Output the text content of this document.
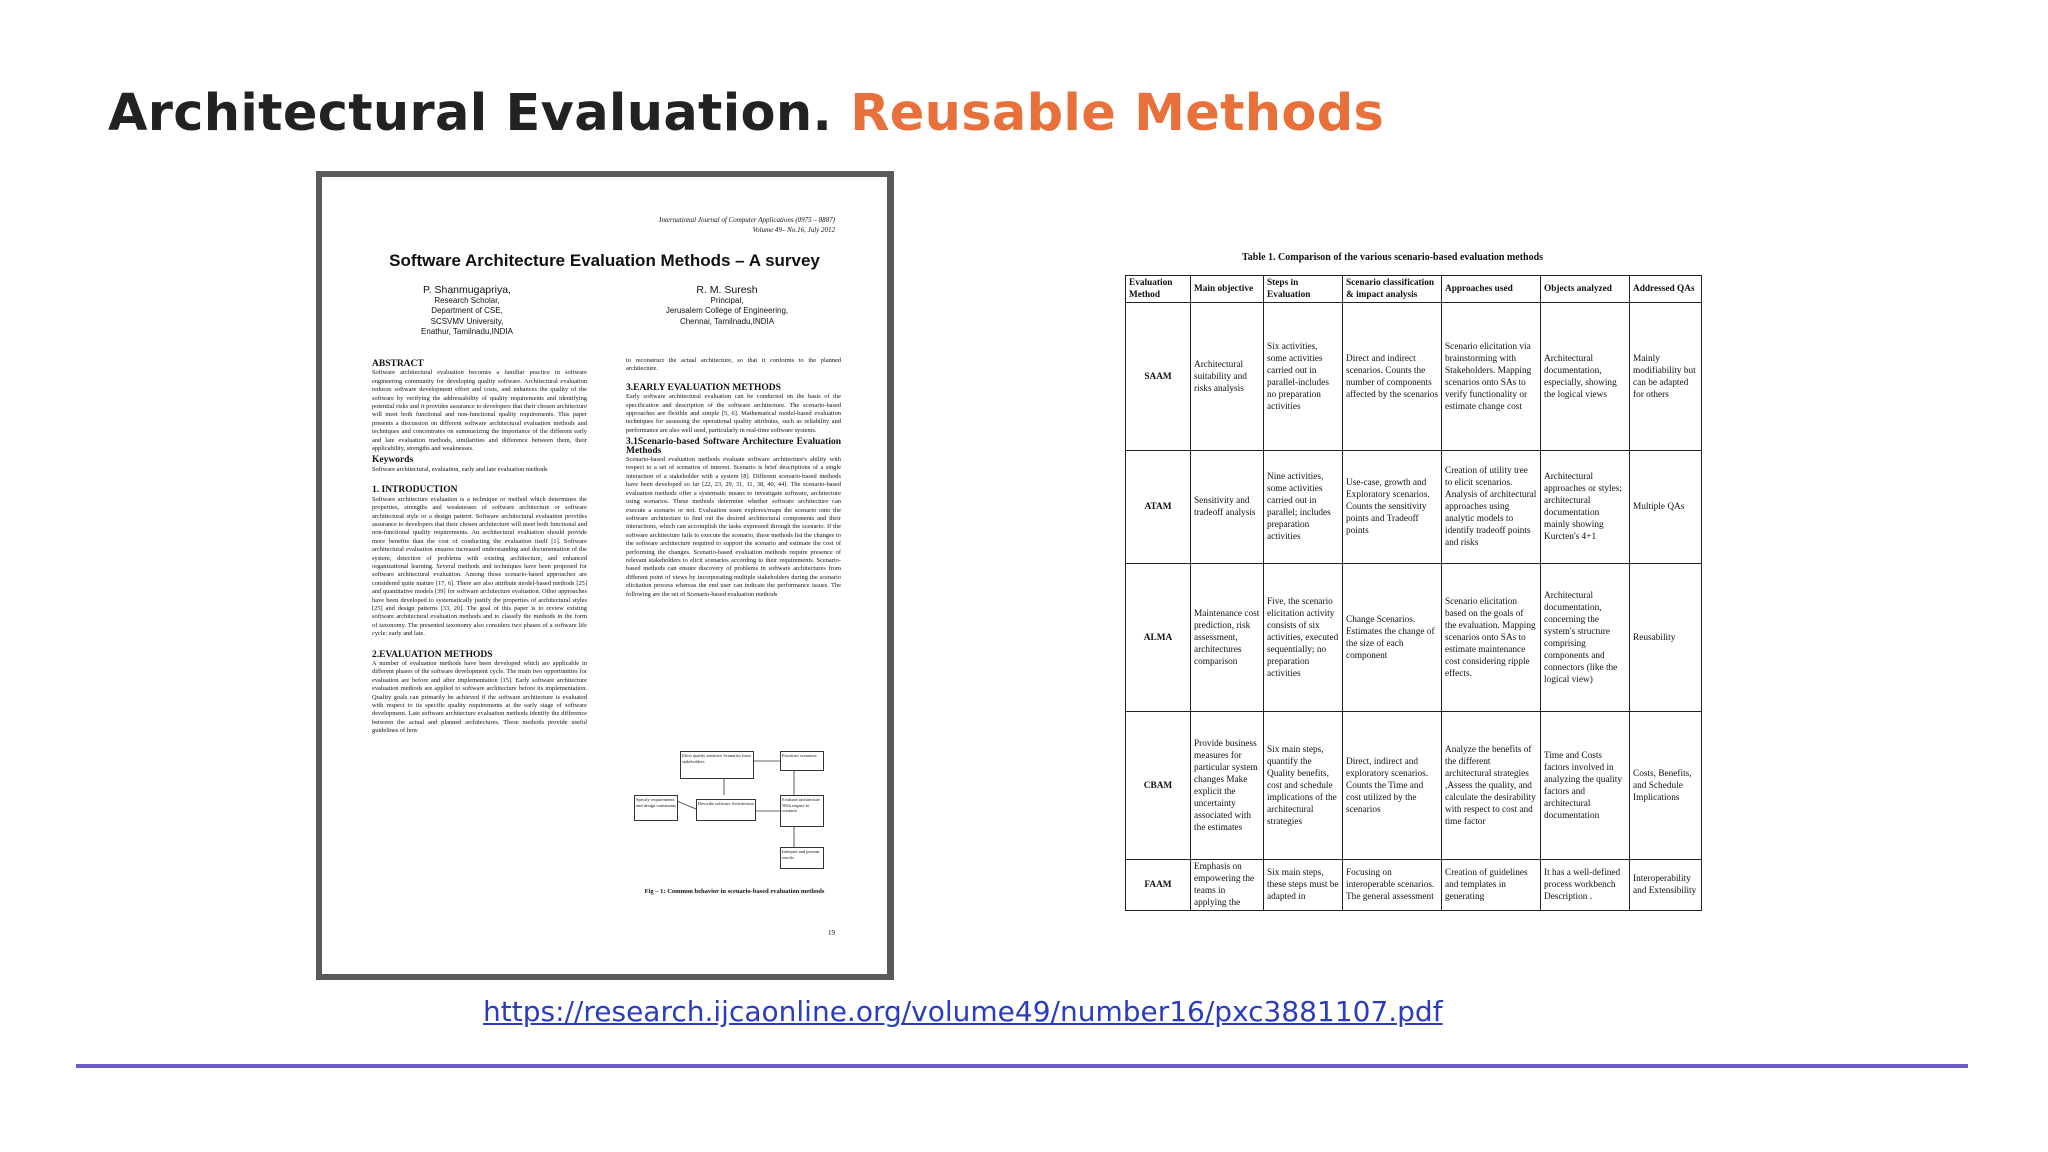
Architectural Evaluation. Reusable Methods
International Journal of Computer Applications (0975 – 8887)
Volume 49– No.16, July 2012
Software Architecture Evaluation Methods – A survey
P. Shanmugapriya,
Research Scholar,
Department of CSE,
SCSVMV University,
Enathur, Tamilnadu,INDIA
R. M. Suresh
Principal,
Jerusalem College of Engineering,
Chennai, Tamilnadu,INDIA
ABSTRACT

Software architectural evaluation becomes a familiar practice in software engineering community for developing quality software. Architectural evaluation reduces software development effort and costs, and enhances the quality of the software by verifying the addressability of quality requirements and identifying potential risks and it provides assurance to developers that their chosen architecture will meet both functional and non-functional quality requirements. This paper presents a discussion on different software architectural evaluation methods and techniques and concentrates on summarizing the importance of the different early and late evaluation methods, similarities and difference between them, their applicability, strengths and weaknesses.

Keywords

Software architectural, evaluation, early and late evaluation methods

1. INTRODUCTION

Software architecture evaluation is a technique or method which determines the properties, strengths and weaknesses of software architecture or software architectural style or a design pattern. Software architectural evaluation provides assurance to developers that their chosen architecture will meet both functional and non-functional quality requirements. An architectural evaluation should provide more benefits than the cost of conducting the evaluation itself [1]. Software architectural evaluation ensures increased understanding and documentation of the system, detection of problems with existing architecture, and enhanced organizational learning. Several methods and techniques have been proposed for software architectural evaluation. Among those scenario-based approaches are considered quite mature [17, 6]. There are also attribute model-based methods [25] and quantitative models [39] for software architecture evaluation. Other approaches have been developed to systematically justify the properties of architectural styles [25] and design patterns [33, 20]. The goal of this paper is to review existing software architectural evaluation methods and to classify the methods in the form of taxonomy. The presented taxonomy also considers two phases of a software life cycle: early and late.

2.EVALUATION METHODS

A number of evaluation methods have been developed which are applicable in different phases of the software development cycle. The main two opportunities for evaluation are before and after implementation [15]. Early software architecture evaluation methods are applied to software architecture before its implementation. Quality goals can primarily be achieved if the software architecture is evaluated with respect to its specific quality requirements at the early stage of software development. Late software architecture evaluation methods identify the difference between the actual and planned architectures. These methods provide useful guidelines of how

to reconstruct the actual architecture, so that it conforms to the planned architecture.

3.EARLY EVALUATION METHODS

Early software architectural evaluation can be conducted on the basis of the specification and description of the software architecture. The scenario-based approaches are flexible and simple [5, 6]. Mathematical model-based evaluation techniques for assessing the operational quality attributes, such as reliability and performance are also well used, particularly in real-time software systems.

3.1Scenario-based Software Architecture Evaluation Methods

Scenario-based evaluation methods evaluate software architecture's ability with respect to a set of scenarios of interest. Scenario is brief descriptions of a single interaction of a stakeholder with a system [8]. Different scenario-based methods have been developed so far [22, 23, 29, 31, 11, 38, 40, 44]. The scenario-based evaluation methods offer a systematic means to investigate software, architecture using scenarios. These methods determine whether software architecture can execute a scenario or not. Evaluation team explores/maps the scenario onto the software architecture to find out the desired architectural components and their interactions, which can accomplish the tasks expressed through the scenario. If the software architecture fails to execute the scenario, these methods list the changes to the software architecture required to support the scenario and estimate the cost of performing the changes. Scenario-based evaluation methods require presence of relevant stakeholders to elicit scenarios according to their requirements. Scenario-based methods can ensure discovery of problems in software architectures from different point of views by incorporating multiple stakeholders during the scenario elicitation process whereas the end user can indicate the performance issues. The following are the set of Scenario-based evaluation methods

Elicit quality sensitive Scenarios from stakeholders
Prioritize scenarios
Specify requirements and design constraints	Describe software Architecture
Evaluate architecture With respect to scenario
Interpret and present results
Fig – 1: Common behavior in scenario-based evaluation methods
19
Table 1. Comparison of the various scenario-based evaluation methods
Evaluation Method	Main objective	Steps in Evaluation	Scenario classification & impact analysis	Approaches used	Objects analyzed	Addressed QAs
SAAM	Architectural suitability and risks analysis	Six activities, some activities carried out in parallel-includes no preparation activities	Direct and indirect scenarios. Counts the number of components affected by the scenarios	Scenario elicitation via brainstorming with Stakeholders. Mapping scenarios onto SAs to verify functionality or estimate change cost	Architectural documentation, especially, showing the logical views	Mainly modifiability but can be adapted for others
ATAM	Sensitivity and tradeoff analysis	Nine activities, some activities carried out in parallel; includes preparation activities	Use-case, growth and Exploratory scenarios. Counts the sensitivity points and Tradeoff points	Creation of utility tree to elicit scenarios. Analysis of architectural approaches using analytic models to identify tradeoff points and risks	Architectural approaches or styles; architectural documentation mainly showing Kurcten's 4+1	Multiple QAs
ALMA	Maintenance cost prediction, risk assessment, architectures comparison	Five, the scenario elicitation activity consists of six activities, executed sequentially; no preparation activities	Change Scenarios. Estimates the change of the size of each component	Scenario elicitation based on the goals of the evaluation. Mapping scenarios onto SAs to estimate maintenance cost considering ripple effects.	Architectural documentation, concerning the system's structure comprising components and connectors (like the logical view)	Reusability
CBAM	Provide business measures for particular system changes Make explicit the uncertainty associated with the estimates	Six main steps, quantify the Quality benefits, cost and schedule implications of the architectural strategies	Direct, indirect and exploratory scenarios. Counts the Time and cost utilized by the scenarios	Analyze the benefits of the different architectural strategies ,Assess the quality, and calculate the desirability with respect to cost and time factor	Time and Costs factors involved in analyzing the quality factors and architectural documentation	Costs, Benefits, and Schedule Implications
FAAM	Emphasis on empowering the teams in applying the	Six main steps, these steps must be adapted in	Focusing on interoperable scenarios. The general assessment	Creation of guidelines and templates in generating	It has a well-defined process workbench Description .	Interoperability and Extensibility
https://research.ijcaonline.org/volume49/number16/pxc3881107.pdf
